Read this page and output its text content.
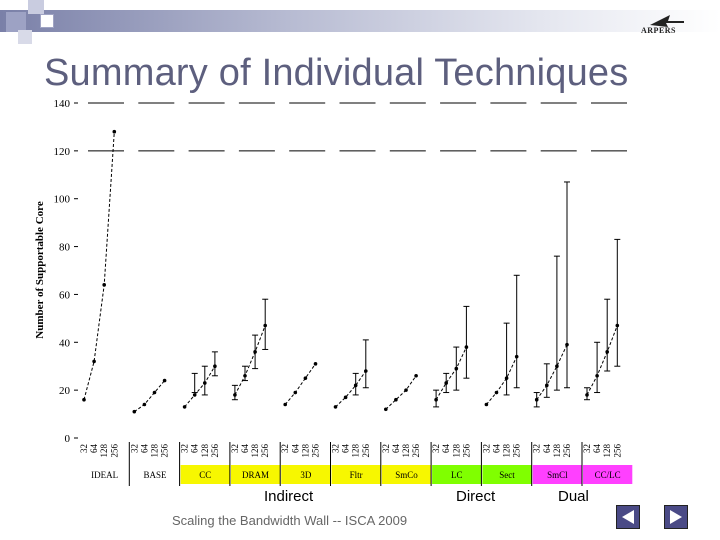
ARPERS
Summary of Individual Techniques
0
20
40
60
80
100
120
140
Number of Supportable Core
32 64 128 256
IDEAL
32 64 128 256
BASE
32 64 128 256
CC
32 64 128 256
DRAM
32 64 128 256
3D
32 64 128 256
Fltr
32 64 128 256
SmCo
32 64 128 256
LC
32 64 128 256
Sect
32 64 128 256
SmCl
32 64 128 256
CC/LC
Indirect	Direct	Dual
Scaling the Bandwidth Wall -- ISCA 2009
